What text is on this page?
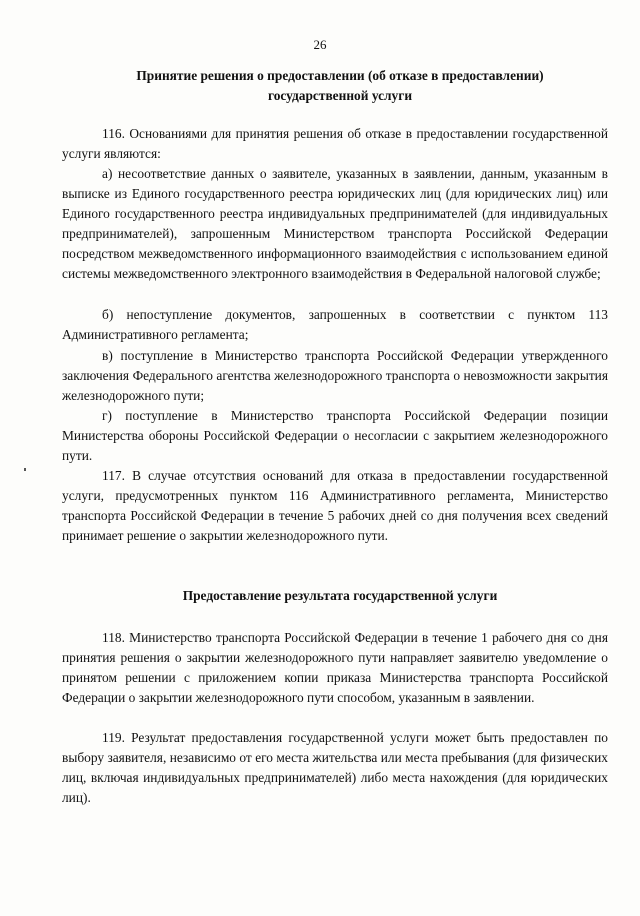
26
Принятие решения о предоставлении (об отказе в предоставлении)
государственной услуги

116. Основаниями для принятия решения об отказе в предоставлении государственной услуги являются:

а) несоответствие данных о заявителе, указанных в заявлении, данным, указанным в выписке из Единого государственного реестра юридических лиц (для юридических лиц) или Единого государственного реестра индивидуальных предпринимателей (для индивидуальных предпринимателей), запрошенным Министерством транспорта Российской Федерации посредством межведомственного информационного взаимодействия с использованием единой системы межведомственного электронного взаимодействия в Федеральной налоговой службе;

б) непоступление документов, запрошенных в соответствии с пунктом 113 Административного регламента;

в) поступление в Министерство транспорта Российской Федерации утвержденного заключения Федерального агентства железнодорожного транспорта о невозможности закрытия железнодорожного пути;

г) поступление в Министерство транспорта Российской Федерации позиции Министерства обороны Российской Федерации о несогласии с закрытием железнодорожного пути.

117. В случае отсутствия оснований для отказа в предоставлении государственной услуги, предусмотренных пунктом 116 Административного регламента, Министерство транспорта Российской Федерации в течение 5 рабочих дней со дня получения всех сведений принимает решение о закрытии железнодорожного пути.

Предоставление результата государственной услуги

118. Министерство транспорта Российской Федерации в течение 1 рабочего дня со дня принятия решения о закрытии железнодорожного пути направляет заявителю уведомление о принятом решении с приложением копии приказа Министерства транспорта Российской Федерации о закрытии железнодорожного пути способом, указанным в заявлении.

119. Результат предоставления государственной услуги может быть предоставлен по выбору заявителя, независимо от его места жительства или места пребывания (для физических лиц, включая индивидуальных предпринимателей) либо места нахождения (для юридических лиц).
